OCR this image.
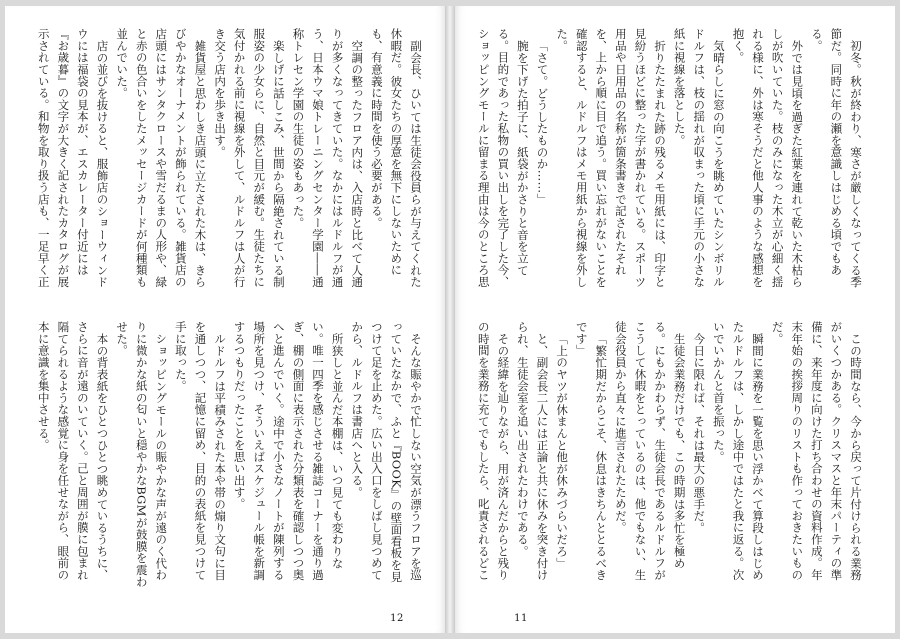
副会長、ひいては生徒会役員らが与えてくれた休暇だ。彼女たちの厚意を無下にしないためにも、有意義に時間を使う必要がある。

空調の整ったフロア内は、入店時と比べて人通りが多くなってきていた。なかにはルドルフが通う、日本ウマ娘トレーニングセンター学園――通称トレセン学園の生徒の姿もあった。

楽しげに話しこみ、世間から隔絶されている制服姿の少女らに、自然と目元が緩む。生徒たちに気付かれる前に視線を外して、ルドルフは人が行き交う店内を歩き出す。

雑貨屋と思わしき店頭に立たされた木は、きらびやかなオーナメントが飾られている。雑貨店の店頭にはサンタクロースや雪だるまの人形や、緑と赤の色合いをしたメッセージカードが何種類も並んでいた。

店の並びを抜けると、服飾店のショーウィンドウには福袋の見本が、エスカレーター付近には『お歳暮』の文字が大きく記されたカタログが展示されている。和物を取り扱う店も、一足早く正

そんな賑やかで忙しない空気が漂うフロアを巡っていたなかで、ふと『BOOK』の壁面看板を見つけて足を止めた。広い出入口をしばし見つめてから、ルドルフは書店へと入る。

所狭しと並んだ本棚は、いつ見ても変わりない。唯一四季を感じさせる雑誌コーナーを通り過ぎ、棚の側面に表示された分類表を確認しつつ奥へと進んでいく。途中で小さなノートが陳列する場所を見つけ、そういえばスケジュール帳を新調するつもりだったことを思い出す。

ルドルフは平積みされた本や帯の煽り文句に目を通しつつ、記憶に留め、目的の表紙を見つけて手に取った。

ショッピングモールの賑やかな声が遠のく代わりに微かな紙の匂いと穏やかなBGMが鼓膜を震わせた。

本の背表紙をひとつひとつ眺めているうちに、さらに音が遠のいていく。己と周囲が膜に包まれ隔てられるような感覚に身を任せながら、眼前の本に意識を集中させる。

12

初冬。秋が終わり、寒さが厳しくなってくる季節だ。同時に年の瀬を意識しはじめる頃でもある。

外では見頃を過ぎた紅葉を連れて乾いた木枯らしが吹いていた。枝のみになった木立が心細く揺れる様に、外は寒そうだと他人事のような感想を抱く。

気晴らしに窓の向こうを眺めていたシンボリルドルフは、枝の揺れが収まった頃に手元の小さな紙に視線を落とした。

折りたたまれた跡の残るメモ用紙には、印字と見紛うほどに整った字が書かれている。スポーツ用品や日用品の名称が箇条書きで記されたそれを、上から順に目で追う。買い忘れがないことを確認すると、ルドルフはメモ用紙から視線を外した。

「さて。どうしたものか……」

腕を下げた拍子に、紙袋がかさりと音を立てる。目的であった私物の買い出しを完了した今、ショッピングモールに留まる理由は今のところ思

この時間なら、今から戻って片付けられる業務がいくつかある。クリスマスと年末パーティの準備に、来年度に向けた打ち合わせの資料作成。年末年始の挨拶周りのリストも作っておきたいものだ。

瞬間に業務を一覧を思い浮かべて算段しはじめたルドルフは、しかし途中ではたと我に返る。次いでいかんと首を振った。

今日に限れば、それは最大の悪手だ。

生徒会業務だけでも、この時期は多忙を極める。にもかかわらず、生徒会長であるルドルフがこうして休暇をとっているのは、他でもない、生徒会役員から直々に進言されたためだ。

「繁忙期だからこそ、休息はきちんととるべきです」

「上のヤツが休まんと他が休みづらいだろ」

と、副会長二人には正論と共に休みを突き付けられ、生徒会室を追い出されたわけである。

その経緯を辿りながら、用が済んだからと残りの時間を業務に充てでもしたら、叱責されるどこ

11
